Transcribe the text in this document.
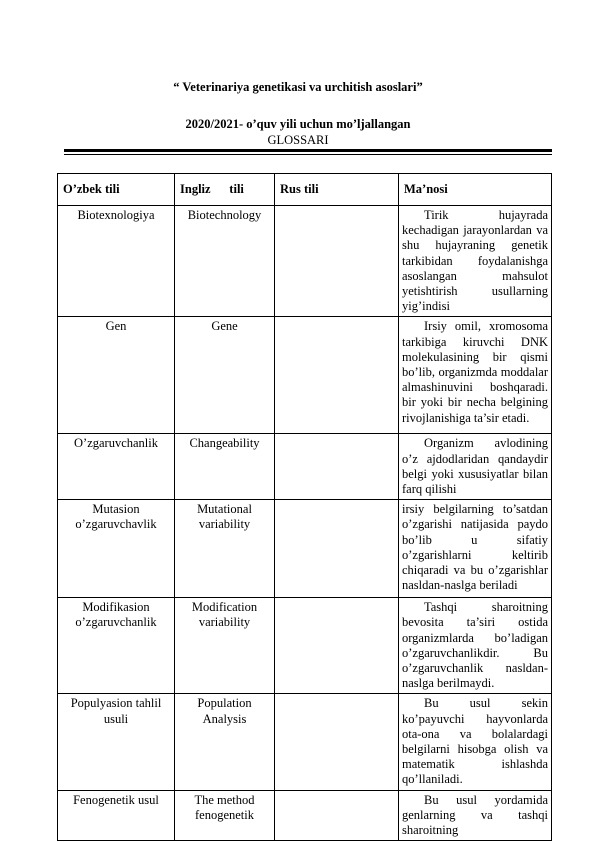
“ Veterinariya genetikasi va urchitish asoslari”
2020/2021- o’quv yili uchun mo’ljallangan
GLOSSARI
O’zbek tili	Ingliz      tili	Rus tili	Ma’nosi
Biotexnologiya	Biotechnology		Tirik hujayrada kechadigan jarayonlardan va shu hujayraning genetik tarkibidan foydalanishga asoslangan mahsulot yetishtirish usullarning yig’indisi
Gen	Gene		Irsiy omil, xromosoma tarkibiga kiruvchi DNK molekulasining bir qismi bo’lib, organizmda moddalar almashinuvini boshqaradi. bir yoki bir necha belgining rivojlanishiga ta’sir etadi.
O’zgaruvchanlik	Changeability		Organizm avlodining o’z ajdodlaridan qandaydir belgi yoki xususiyatlar bilan farq qilishi
Mutasion o’zgaruvchavlik	Mutational variability		irsiy belgilarning to’satdan o’zgarishi natijasida paydo bo’lib u sifatiy o’zgarishlarni keltirib chiqaradi va bu o’zgarishlar nasldan-naslga beriladi
Modifikasion o’zgaruvchanlik	Modification variability		Tashqi sharoitning bevosita ta’siri ostida organizmlarda bo’ladigan o’zgaruvchanlikdir. Bu o’zgaruvchanlik nasldan-naslga berilmaydi.
Populyasion tahlil usuli	Population Analysis		Bu usul sekin ko’payuvchi hayvonlarda ota-ona va bolalardagi belgilarni hisobga olish va matematik ishlashda qo’llaniladi.
Fenogenetik usul	The method fenogenetik		Bu usul yordamida genlarning va tashqi sharoitning
